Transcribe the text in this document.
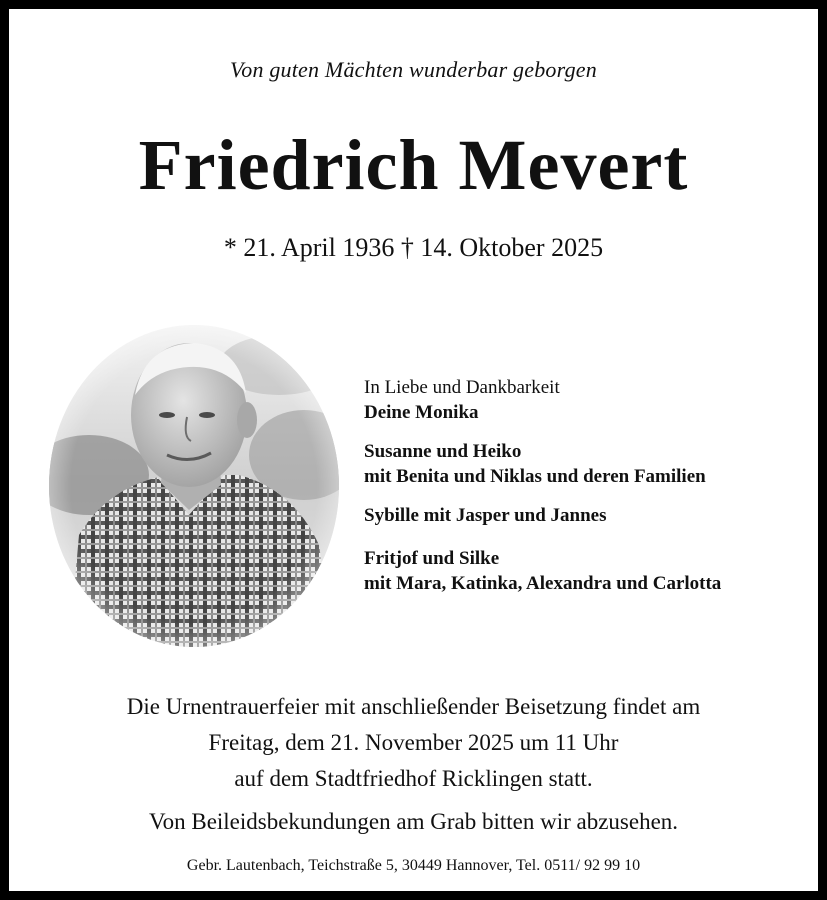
Von guten Mächten wunderbar geborgen
Friedrich Mevert
* 21. April 1936 † 14. Oktober 2025
In Liebe und Dankbarkeit
Deine Monika
Susanne und Heiko
mit Benita und Niklas und deren Familien
Sybille mit Jasper und Jannes
Fritjof und Silke
mit Mara, Katinka, Alexandra und Carlotta
Die Urnentrauerfeier mit anschließender Beisetzung findet am
Freitag, dem 21. November 2025 um 11 Uhr
auf dem Stadtfriedhof Ricklingen statt.
Von Beileidsbekundungen am Grab bitten wir abzusehen.
Gebr. Lautenbach, Teichstraße 5, 30449 Hannover, Tel. 0511/ 92 99 10
